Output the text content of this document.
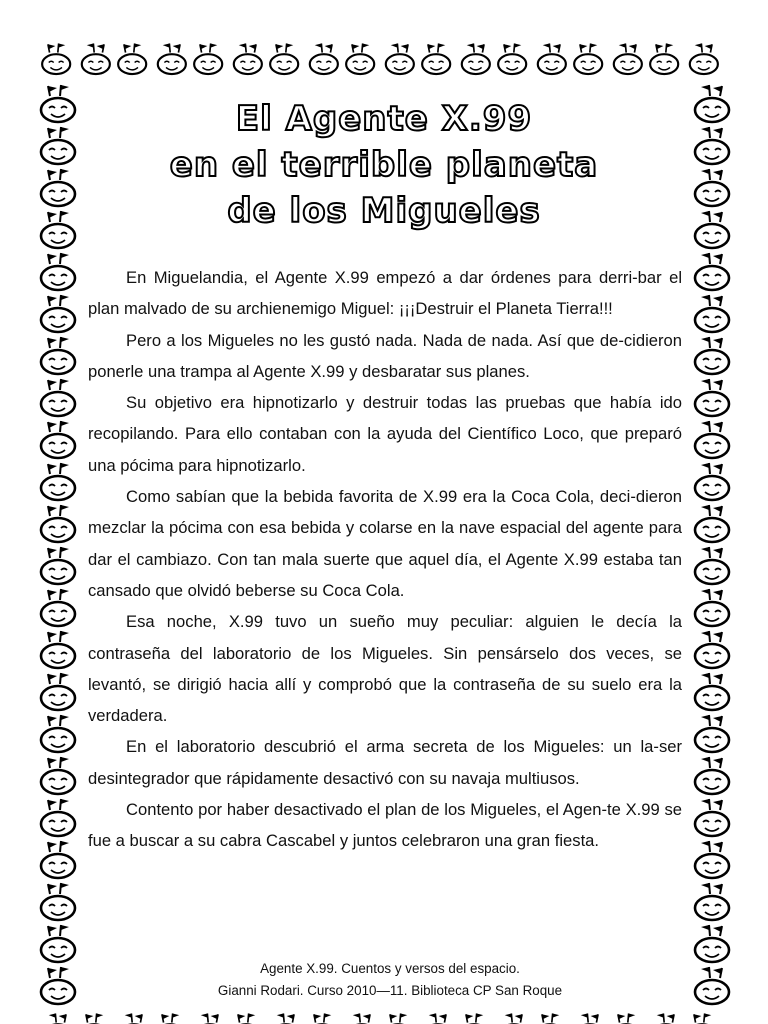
El Agente X.99
en el terrible planeta
de los Migueles

En Miguelandia, el Agente X.99 empezó a dar órdenes para derri-bar el plan malvado de su archienemigo Miguel: ¡¡¡Destruir el Planeta Tierra!!!

Pero a los Migueles no les gustó nada. Nada de nada. Así que de-cidieron ponerle una trampa al Agente X.99 y desbaratar sus planes.

Su objetivo era hipnotizarlo y destruir todas las pruebas que había ido recopilando. Para ello contaban con la ayuda del Científico Loco, que preparó una pócima para hipnotizarlo.

Como sabían que la bebida favorita de X.99 era la Coca Cola, deci-dieron mezclar la pócima con esa bebida y colarse en la nave espacial del agente para dar el cambiazo. Con tan mala suerte que aquel día, el Agente X.99 estaba tan cansado que olvidó beberse su Coca Cola.

Esa noche, X.99 tuvo un sueño muy peculiar: alguien le decía la contraseña del laboratorio de los Migueles. Sin pensárselo dos veces, se levantó, se dirigió hacia allí y comprobó que la contraseña de su suelo era la verdadera.

En el laboratorio descubrió el arma secreta de los Migueles: un la-ser desintegrador que rápidamente desactivó con su navaja multiusos.

Contento por haber desactivado el plan de los Migueles, el Agen-te X.99 se fue a buscar a su cabra Cascabel y juntos celebraron una gran fiesta.

Agente X.99. Cuentos y versos del espacio.
Gianni Rodari. Curso 2010—11. Biblioteca CP San Roque
